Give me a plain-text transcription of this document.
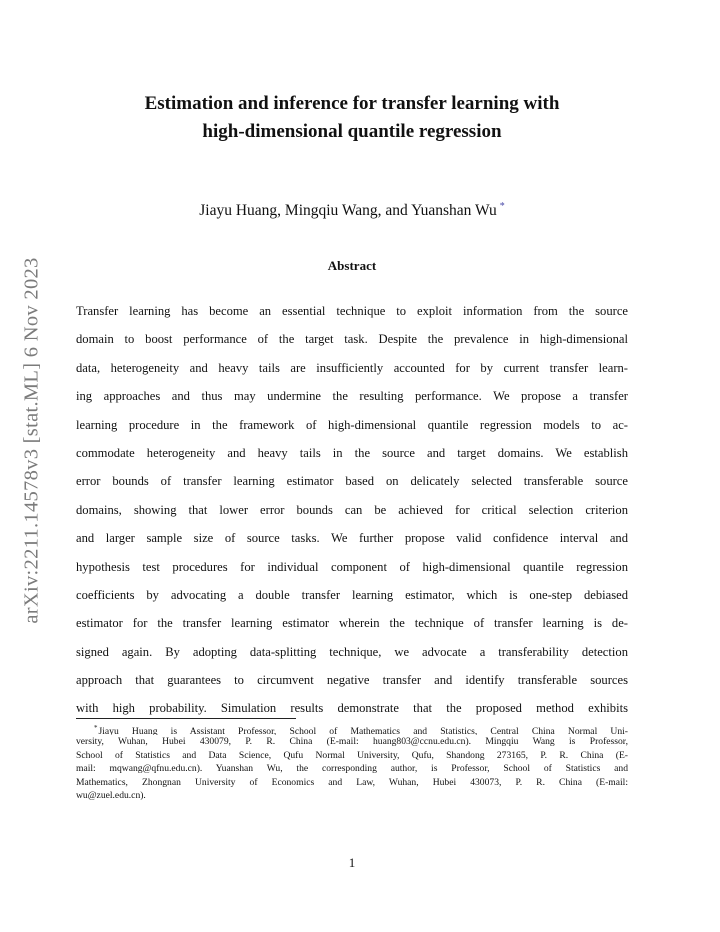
arXiv:2211.14578v3 [stat.ML] 6 Nov 2023
Estimation and inference for transfer learning with
high-dimensional quantile regression
Jiayu Huang, Mingqiu Wang, and Yuanshan Wu *
Abstract
Transfer learning has become an essential technique to exploit information from the source
domain to boost performance of the target task. Despite the prevalence in high-dimensional
data, heterogeneity and heavy tails are insufficiently accounted for by current transfer learn-
ing approaches and thus may undermine the resulting performance. We propose a transfer
learning procedure in the framework of high-dimensional quantile regression models to ac-
commodate heterogeneity and heavy tails in the source and target domains. We establish
error bounds of transfer learning estimator based on delicately selected transferable source
domains, showing that lower error bounds can be achieved for critical selection criterion
and larger sample size of source tasks. We further propose valid confidence interval and
hypothesis test procedures for individual component of high-dimensional quantile regression
coefficients by advocating a double transfer learning estimator, which is one-step debiased
estimator for the transfer learning estimator wherein the technique of transfer learning is de-
signed again. By adopting data-splitting technique, we advocate a transferability detection
approach that guarantees to circumvent negative transfer and identify transferable sources
with high probability. Simulation results demonstrate that the proposed method exhibits
*Jiayu Huang is Assistant Professor, School of Mathematics and Statistics, Central China Normal Uni-
versity, Wuhan, Hubei 430079, P. R. China (E-mail: huang803@ccnu.edu.cn). Mingqiu Wang is Professor,
School of Statistics and Data Science, Qufu Normal University, Qufu, Shandong 273165, P. R. China (E-
mail: mqwang@qfnu.edu.cn). Yuanshan Wu, the corresponding author, is Professor, School of Statistics and
Mathematics, Zhongnan University of Economics and Law, Wuhan, Hubei 430073, P. R. China (E-mail:
wu@zuel.edu.cn).
1
